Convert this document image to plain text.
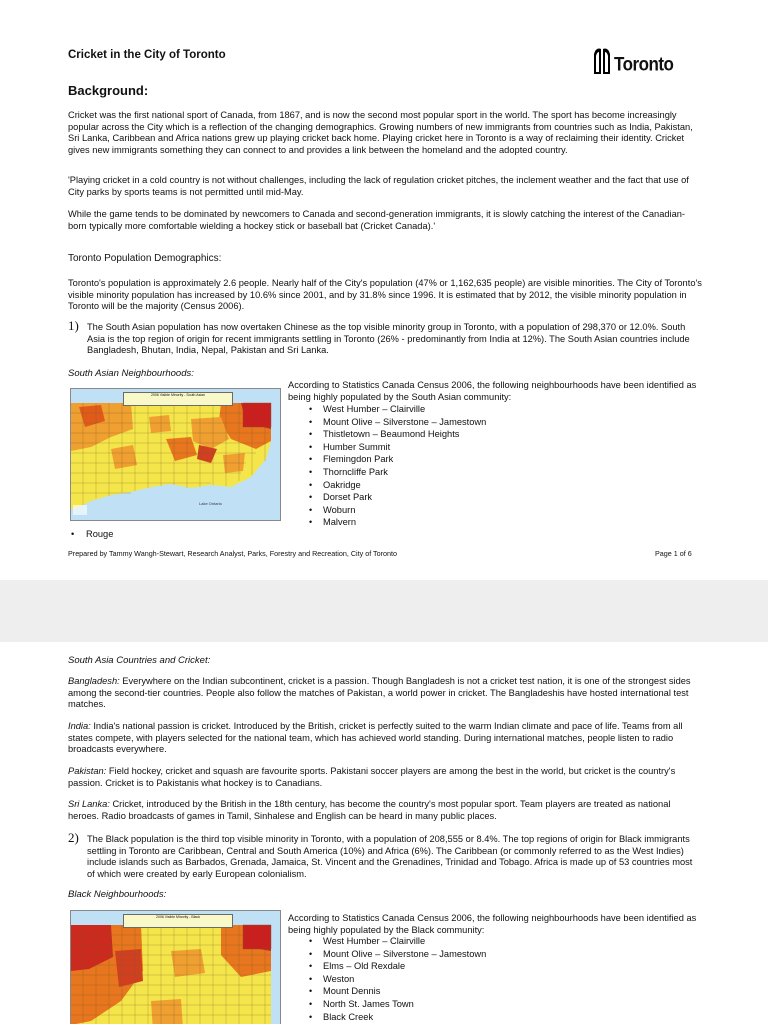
Cricket in the City of Toronto	Toronto
Background:

Cricket was the first national sport of Canada, from 1867, and is now the second most popular sport in the world. The sport has become increasingly popular across the City which is a reflection of the changing demographics. Growing numbers of new immigrants from countries such as India, Pakistan, Sri Lanka, Caribbean and Africa nations grew up playing cricket back home. Playing cricket here in Toronto is a way of reclaiming their identity. Cricket gives new immigrants something they can connect to and provides a link between the homeland and the adopted country.

'Playing cricket in a cold country is not without challenges, including the lack of regulation cricket pitches, the inclement weather and the fact that use of City parks by sports teams is not permitted until mid-May.

While the game tends to be dominated by newcomers to Canada and second-generation immigrants, it is slowly catching the interest of the Canadian-born typically more comfortable wielding a hockey stick or baseball bat (Cricket Canada).'

Toronto Population Demographics:

Toronto's population is approximately 2.6 people. Nearly half of the City's population (47% or 1,162,635 people) are visible minorities. The City of Toronto's visible minority population has increased by 10.6% since 2001, and by 31.8% since 1996. It is estimated that by 2012, the visible minority population in Toronto will be the majority (Census 2006).

1) The South Asian population has now overtaken Chinese as the top visible minority group in Toronto, with a population of 298,370 or 12.0%. South Asia is the top region of origin for recent immigrants settling in Toronto (26% - predominantly from India at 12%). The South Asian countries include Bangladesh, Bhutan, India, Nepal, Pakistan and Sri Lanka.
South Asian Neighbourhoods:
2006 Visible Minority - South Asian
Lake Ontario
According to Statistics Canada Census 2006, the following neighbourhoods have been identified as being highly populated by the South Asian community:
• West Humber – Clairville
• Mount Olive – Silverstone – Jamestown
• Thistletown – Beaumond Heights
• Humber Summit
• Flemingdon Park
• Thorncliffe Park
• Oakridge
• Dorset Park
• Woburn
• Malvern
• Rouge
Prepared by Tammy Wangh-Stewart, Research Analyst, Parks, Forestry and Recreation, City of Toronto	Page 1 of 6
South Asia Countries and Cricket:

Bangladesh: Everywhere on the Indian subcontinent, cricket is a passion. Though Bangladesh is not a cricket test nation, it is one of the strongest sides among the second-tier countries. People also follow the matches of Pakistan, a world power in cricket. The Bangladeshis have hosted international test matches.

India: India's national passion is cricket. Introduced by the British, cricket is perfectly suited to the warm Indian climate and pace of life. Teams from all states compete, with players selected for the national team, which has achieved world standing. During international matches, people listen to radio broadcasts everywhere.

Pakistan: Field hockey, cricket and squash are favourite sports. Pakistani soccer players are among the best in the world, but cricket is the country's passion. Cricket is to Pakistanis what hockey is to Canadians.

Sri Lanka: Cricket, introduced by the British in the 18th century, has become the country's most popular sport. Team players are treated as national heroes. Radio broadcasts of games in Tamil, Sinhalese and English can be heard in many public places.

2) The Black population is the third top visible minority in Toronto, with a population of 208,555 or 8.4%. The top regions of origin for Black immigrants settling in Toronto are Caribbean, Central and South America (10%) and Africa (6%). The Caribbean (or commonly referred to as the West Indies) include islands such as Barbados, Grenada, Jamaica, St. Vincent and the Grenadines, Trinidad and Tobago. Africa is made up of 53 countries most of which were created by early European colonialism.
Black Neighbourhoods:
2006 Visible Minority - Black	According to Statistics Canada Census 2006, the following neighbourhoods have been identified as being highly populated by the Black community:
• West Humber – Clairville
• Mount Olive – Silverstone – Jamestown
• Elms – Old Rexdale
• Weston
• Mount Dennis
• North St. James Town
• Black Creek
